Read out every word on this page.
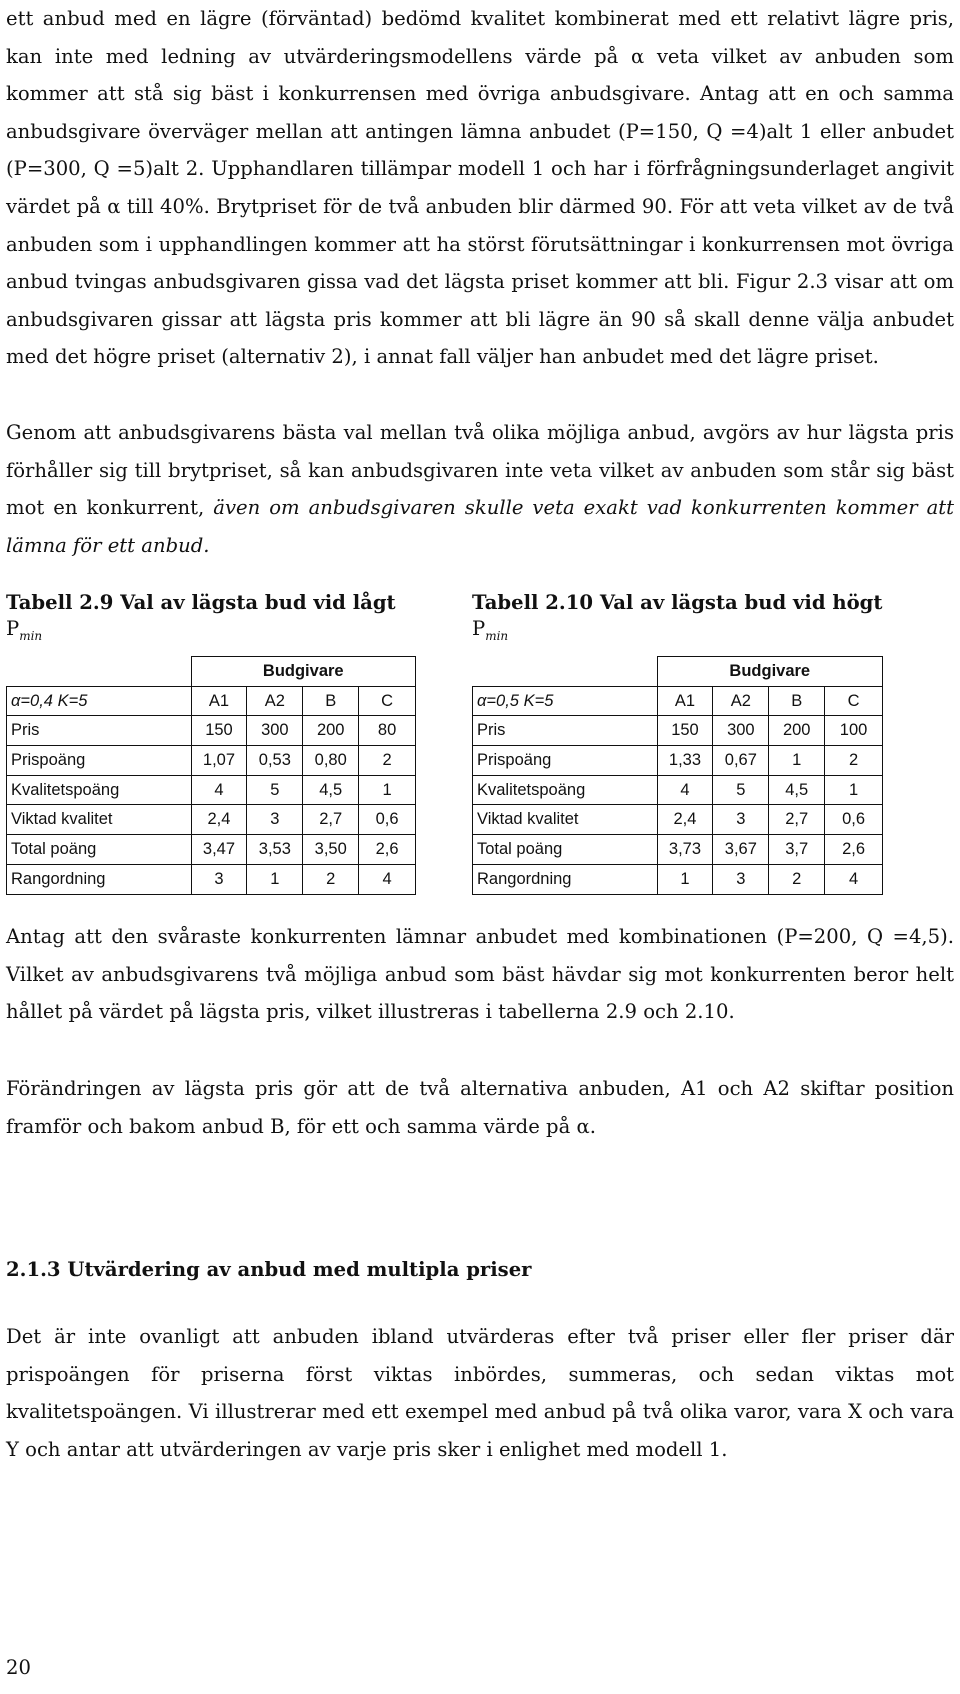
ett anbud med en lägre (förväntad) bedömd kvalitet kombinerat med ett relativt lägre pris, kan inte med ledning av utvärderingsmodellens värde på α veta vilket av anbuden som kommer att stå sig bäst i konkurrensen med övriga anbudsgivare. Antag att en och samma anbudsgivare överväger mellan att antingen lämna anbudet (P=150, Q =4)alt 1 eller anbudet (P=300, Q =5)alt 2. Upphandlaren tillämpar modell 1 och har i förfrågningsunderlaget angivit värdet på α till 40%. Brytpriset för de två anbuden blir därmed 90. För att veta vilket av de två anbuden som i upphandlingen kommer att ha störst förutsättningar i konkurrensen mot övriga anbud tvingas anbudsgivaren gissa vad det lägsta priset kommer att bli. Figur 2.3 visar att om anbudsgivaren gissar att lägsta pris kommer att bli lägre än 90 så skall denne välja anbudet med det högre priset (alternativ 2), i annat fall väljer han anbudet med det lägre priset.

Genom att anbudsgivarens bästa val mellan två olika möjliga anbud, avgörs av hur lägsta pris förhåller sig till brytpriset, så kan anbudsgivaren inte veta vilket av anbuden som står sig bäst mot en konkurrent, även om anbudsgivaren skulle veta exakt vad konkurrenten kommer att lämna för ett anbud.

Tabell 2.9 Val av lägsta bud vid lågt
$P_{min}$

	Budgivare			
α=0,4 K=5	A1	A2	B	C
Pris	150	300	200	80
Prispoäng	1,07	0,53	0,80	2
Kvalitetspoäng	4	5	4,5	1
Viktad kvalitet	2,4	3	2,7	0,6
Total poäng	3,47	3,53	3,50	2,6
Rangordning	3	1	2	4

Tabell 2.10 Val av lägsta bud vid högt
$P_{min}$

	Budgivare			
α=0,5 K=5	A1	A2	B	C
Pris	150	300	200	100
Prispoäng	1,33	0,67	1	2
Kvalitetspoäng	4	5	4,5	1
Viktad kvalitet	2,4	3	2,7	0,6
Total poäng	3,73	3,67	3,7	2,6
Rangordning	1	3	2	4

Antag att den svåraste konkurrenten lämnar anbudet med kombinationen (P=200, Q =4,5). Vilket av anbudsgivarens två möjliga anbud som bäst hävdar sig mot konkurrenten beror helt hållet på värdet på lägsta pris, vilket illustreras i tabellerna 2.9 och 2.10.

Förändringen av lägsta pris gör att de två alternativa anbuden, A1 och A2 skiftar position framför och bakom anbud B, för ett och samma värde på α.

2.1.3 Utvärdering av anbud med multipla priser

Det är inte ovanligt att anbuden ibland utvärderas efter två priser eller fler priser där prispoängen för priserna först viktas inbördes, summeras, och sedan viktas mot kvalitetspoängen. Vi illustrerar med ett exempel med anbud på två olika varor, vara X och vara Y och antar att utvärderingen av varje pris sker i enlighet med modell 1.

20
